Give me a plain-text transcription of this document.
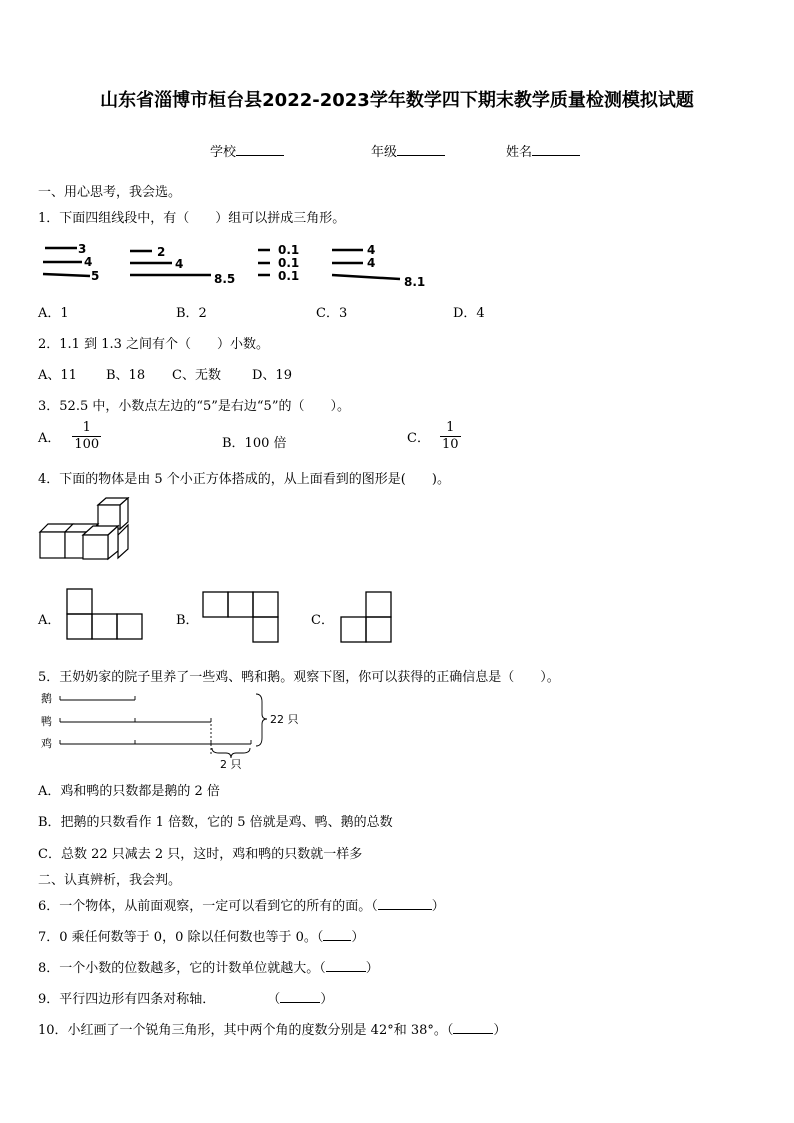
山东省淄博市桓台县2022-2023学年数学四下期末教学质量检测模拟试题
学校	年级	姓名
一、用心思考，我会选。
1．下面四组线段中，有（　　）组可以拼成三角形。
3
4
5
2
4
8.5
0.1
0.1
0.1
4
4
8.1
A．1	B．2	C．3	D．4
2．1.1 到 1.3 之间有个（　　）小数。
A、11 B、18 C、无数 D、19
3．52.5 中，小数点左边的“5”是右边“5”的（　　）。
A． $\frac{1}{100}$	B．100 倍	C． $\frac{1}{10}$
4．下面的物体是由 5 个小正方体搭成的，从上面看到的图形是(　　)。
A．	B．	C．
5．王奶奶家的院子里养了一些鸡、鸭和鹅。观察下图，你可以获得的正确信息是（　　）。
鹅
鸭
鸡
22 只
2 只
A．鸡和鸭的只数都是鹅的 2 倍
B．把鹅的只数看作 1 倍数，它的 5 倍就是鸡、鸭、鹅的总数
C．总数 22 只减去 2 只，这时，鸡和鸭的只数就一样多
二、认真辨析，我会判。
6．一个物体，从前面观察，一定可以看到它的所有的面。（	）
7．0 乘任何数等于 0，0 除以任何数也等于 0。（ ）
8．一个小数的位数越多，它的计数单位就越大。（	）
9．平行四边形有四条对称轴．　　　　　（	）
10．小红画了一个锐角三角形，其中两个角的度数分别是 42°和 38°。（	）
